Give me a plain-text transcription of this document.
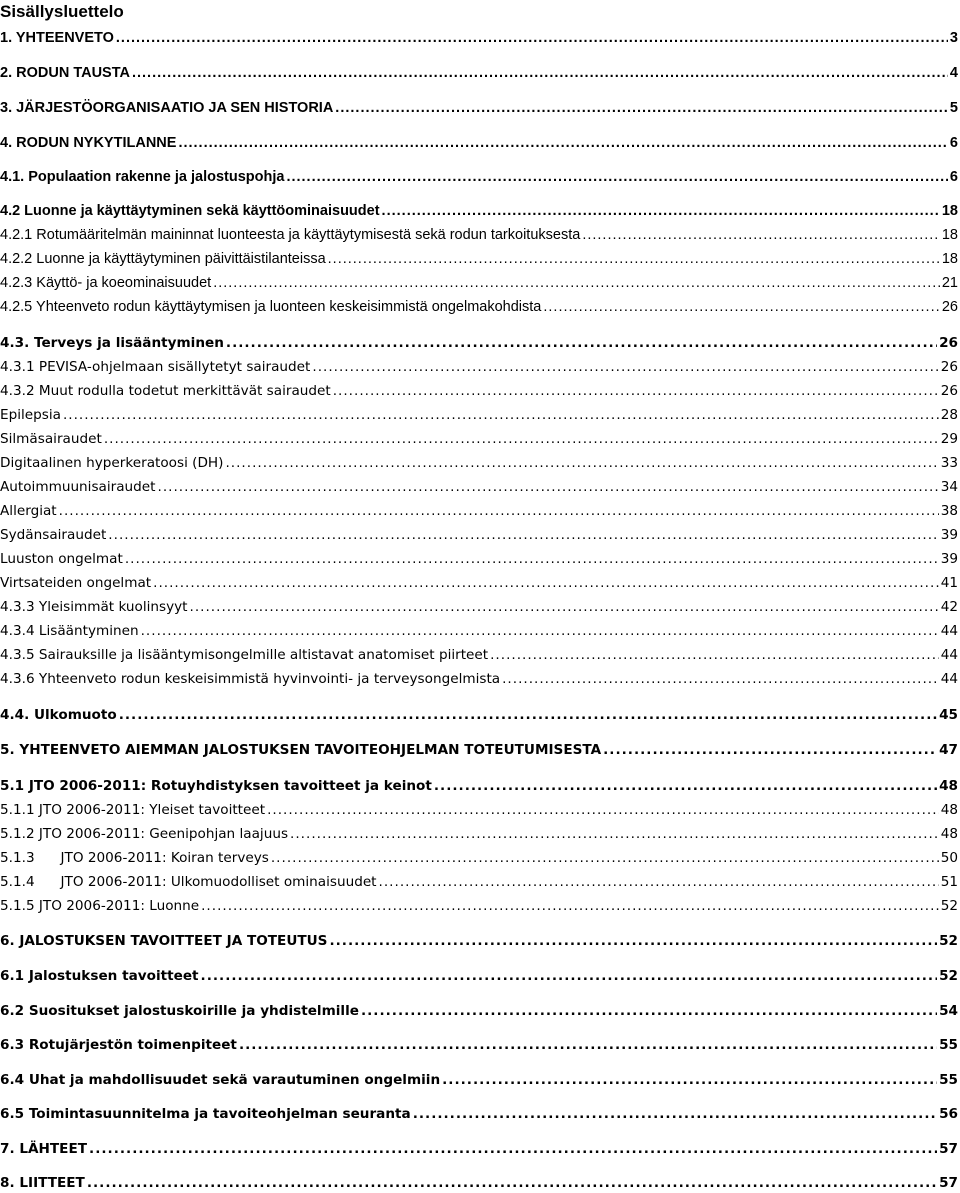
Sisällysluettelo
1. YHTEENVETO .....	3
2. RODUN TAUSTA .....	4
3. JÄRJESTÖORGANISAATIO JA SEN HISTORIA .....	5
4. RODUN NYKYTILANNE .....	6
4.1. Populaation rakenne ja jalostuspohja .....	6
4.2 Luonne ja käyttäytyminen sekä käyttöominaisuudet .....	18
4.2.1 Rotumääritelmän maininnat luonteesta ja käyttäytymisestä sekä rodun tarkoituksesta .....	18
4.2.2 Luonne ja käyttäytyminen päivittäistilanteissa .....	18
4.2.3 Käyttö- ja koeominaisuudet .....	21
4.2.5 Yhteenveto rodun käyttäytymisen ja luonteen keskeisimmistä ongelmakohdista .....	26
4.3. Terveys ja lisääntyminen .....	26
4.3.1 PEVISA-ohjelmaan sisällytetyt sairaudet .....	26
4.3.2 Muut rodulla todetut merkittävät sairaudet .....	26
Epilepsia .....	28
Silmäsairaudet .....	29
Digitaalinen hyperkeratoosi (DH) .....	33
Autoimmuunisairaudet .....	34
Allergiat .....	38
Sydänsairaudet .....	39
Luuston ongelmat .....	39
Virtsateiden ongelmat .....	41
4.3.3 Yleisimmät kuolinsyyt .....	42
4.3.4 Lisääntyminen .....	44
4.3.5 Sairauksille ja lisääntymisongelmille altistavat anatomiset piirteet .....	44
4.3.6 Yhteenveto rodun keskeisimmistä hyvinvointi- ja terveysongelmista .....	44
4.4. Ulkomuoto .....	45
5. YHTEENVETO AIEMMAN JALOSTUKSEN TAVOITEOHJELMAN TOTEUTUMISESTA .....	47
5.1 JTO 2006-2011: Rotuyhdistyksen tavoitteet ja keinot .....	48
5.1.1 JTO 2006-2011: Yleiset tavoitteet .....	48
5.1.2 JTO 2006-2011: Geenipohjan laajuus .....	48
5.1.3      JTO 2006-2011: Koiran terveys .....	50
5.1.4      JTO 2006-2011: Ulkomuodolliset ominaisuudet .....	51
5.1.5 JTO 2006-2011: Luonne .....	52
6. JALOSTUKSEN TAVOITTEET JA TOTEUTUS .....	52
6.1 Jalostuksen tavoitteet .....	52
6.2 Suositukset jalostuskoirille ja yhdistelmille .....	54
6.3 Rotujärjestön toimenpiteet .....	55
6.4 Uhat ja mahdollisuudet sekä varautuminen ongelmiin .....	55
6.5 Toimintasuunnitelma ja tavoiteohjelman seuranta .....	56
7. LÄHTEET .....	57
8. LIITTEET .....	57
